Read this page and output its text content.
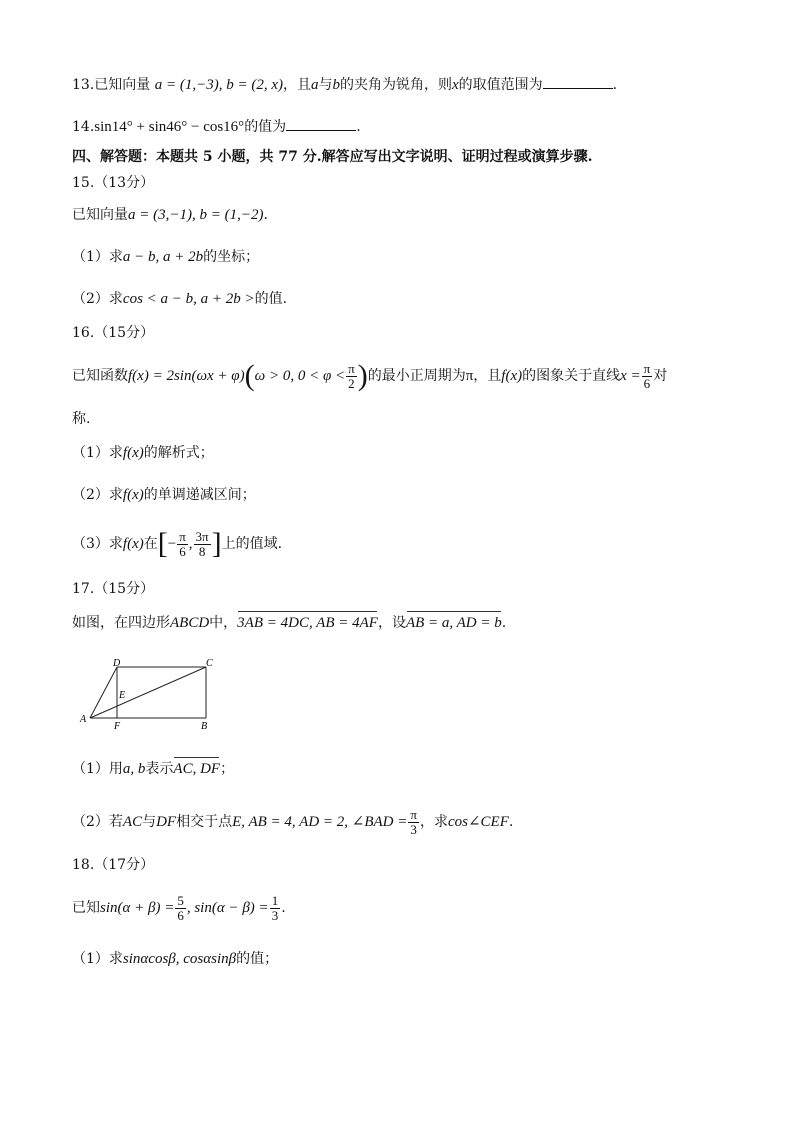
13.已知向量 a = (1,−3), b = (2, x)，且a与b的夹角为锐角，则x的取值范围为	.
14.sin14° + sin46° − cos16°的值为	.
四、解答题：本题共 5 小题，共 77 分.解答应写出文字说明、证明过程或演算步骤.
15.（13分）
已知向量a = (3,−1), b = (1,−2).
（1）求a − b, a + 2b的坐标；
（2）求cos < a − b, a + 2b >的值.
16.（15分）
已知函数f(x) = 2sin(ωx + φ)(ω > 0, $0 < \varphi < \frac{\pi}{2}$ )的最小正周期为π，且f(x)的图象关于直线$x = \frac{\pi}{6}$ 对
称.
（1）求f(x)的解析式；
（2）求f(x)的单调递减区间；
（3）求f(x)在[− $\frac{\pi}{6}$ , $\frac{3\pi}{8}$ ]上的值域.
17.（15分）
如图，在四边形ABCD中，3AB = 4DC, AB = 4AF，设AB = a, AD = b.
A
B
C
D
E
F
（1）用a, b表示AC, DF；
（2）若AC与DF相交于点E, AB = 4, AD = 2, ∠BAD = $\frac{\pi}{3}$ ，求cos∠CEF.
18.（17分）
已知$\sin(\alpha + \beta) = \frac{5}{6}$ , $\sin(\alpha - \beta) = \frac{1}{3}$ .
（1）求sinαcosβ, cosαsinβ的值；
